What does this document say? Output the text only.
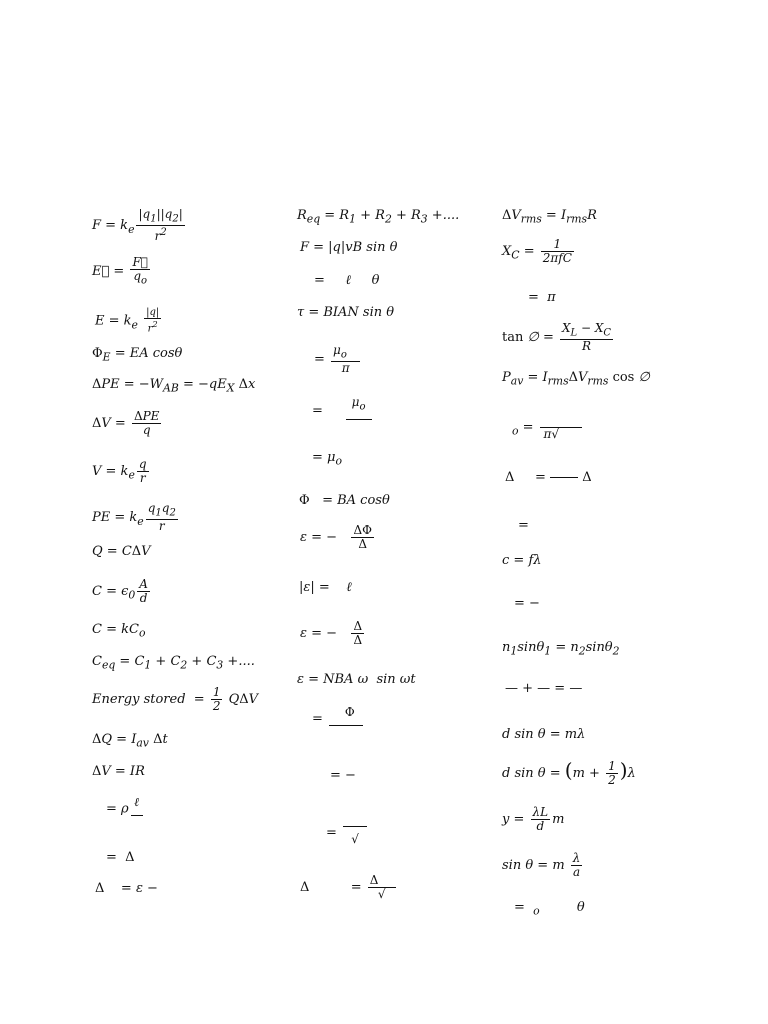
$F = k_e \frac{|q_1||q_2|}{r^2}$
E⃗ = $\frac{F⃗}{q_o}$
$E = k_e \frac{|q|}{r^2}$
$\Phi_E$ = EA cosθ
$\Delta PE = -W_{AB} = -qE_X$ Δx
$\Delta V = \frac{\text{ΔPE}}{q}$
$V = k_e \frac{q}{r}$
PE = $k_e \frac{q_1q_2}{r}$
Q = CΔV
$C = \epsilon_0 \frac{A}{d}$
$C = kC_o$
$C_{eq} = C_1 + C_2 + C_3$ +....
Energy stored  = $\frac{1}{2}$ QΔV
$\Delta Q = I_{av}$ Δt
ΔV = IR
= ρ ℓ
=  Δ
Δ    = ε −
$R_{eq} = R_1 + R_2 + R_3$ +....
F = |q|vB sin θ
=     ℓ     θ
τ = BIAN sin θ
= $\frac{\mu_o}{\pi}$
=
$\mu_o$
= $\mu_o$
Φ   = BA cosθ
ε = − $\frac{\Delta\Phi}{\Delta}$
|ε| =    ℓ
ε = − $\frac{\Delta}{\Delta}$
ε = NBA ω  sin ωt
= Φ
= −
= √
Δ          = $\frac{\Delta}{√}$
$\Delta V_{rms} = I_{rms}R$
$X_C = \frac{1}{\text{2πfC}}$
=  π
tan ∅ = $\frac{X_L - X_C}{R}$
$P_{av} = I_{rms}\Delta V_{rms}$ cos ∅
$_o$ =
π√
Δ     =  Δ
=
c = fλ
= −
$n_1\sin\theta_1 = n_2\sin\theta_2$
— + — = —
d sin θ = mλ
d $\sin \theta = (m + \frac{1}{2} )\lambda$
$y = \frac{\lambda L}{d}$ m
sin θ = m $\frac{\lambda}{a}$
=  $_o$         θ
